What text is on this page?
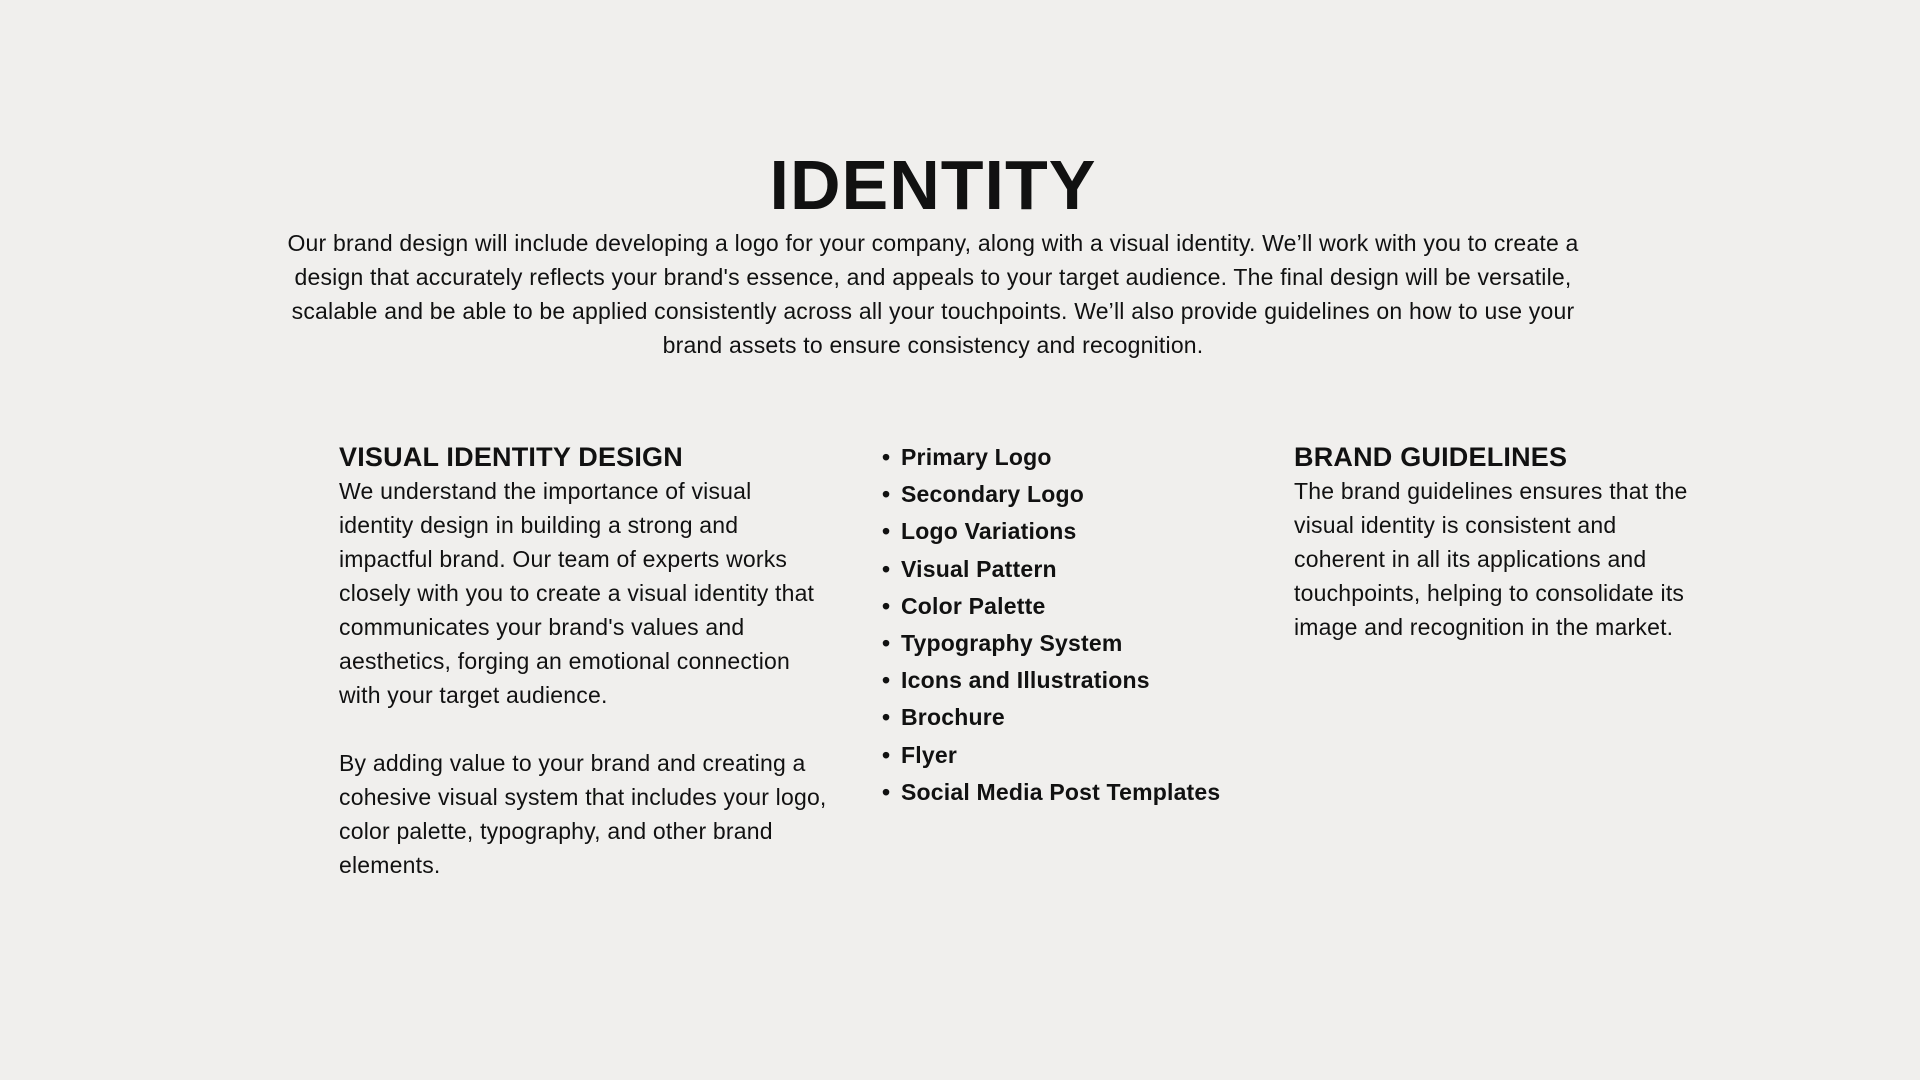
IDENTITY

Our brand design will include developing a logo for your company, along with a visual identity. We’ll work with you to create a design that accurately reflects your brand's essence, and appeals to your target audience. The final design will be versatile, scalable and be able to be applied consistently across all your touchpoints. We’ll also provide guidelines on how to use your brand assets to ensure consistency and recognition.

VISUAL IDENTITY DESIGN

We understand the importance of visual identity design in building a strong and impactful brand. Our team of experts works closely with you to create a visual identity that communicates your brand's values and aesthetics, forging an emotional connection with your target audience.

By adding value to your brand and creating a cohesive visual system that includes your logo, color palette, typography, and other brand elements.

• Primary Logo
• Secondary Logo
• Logo Variations
• Visual Pattern
• Color Palette
• Typography System
• Icons and Illustrations
• Brochure
• Flyer
• Social Media Post Templates
BRAND GUIDELINES

The brand guidelines ensures that the visual identity is consistent and coherent in all its applications and touchpoints, helping to consolidate its image and recognition in the market.
